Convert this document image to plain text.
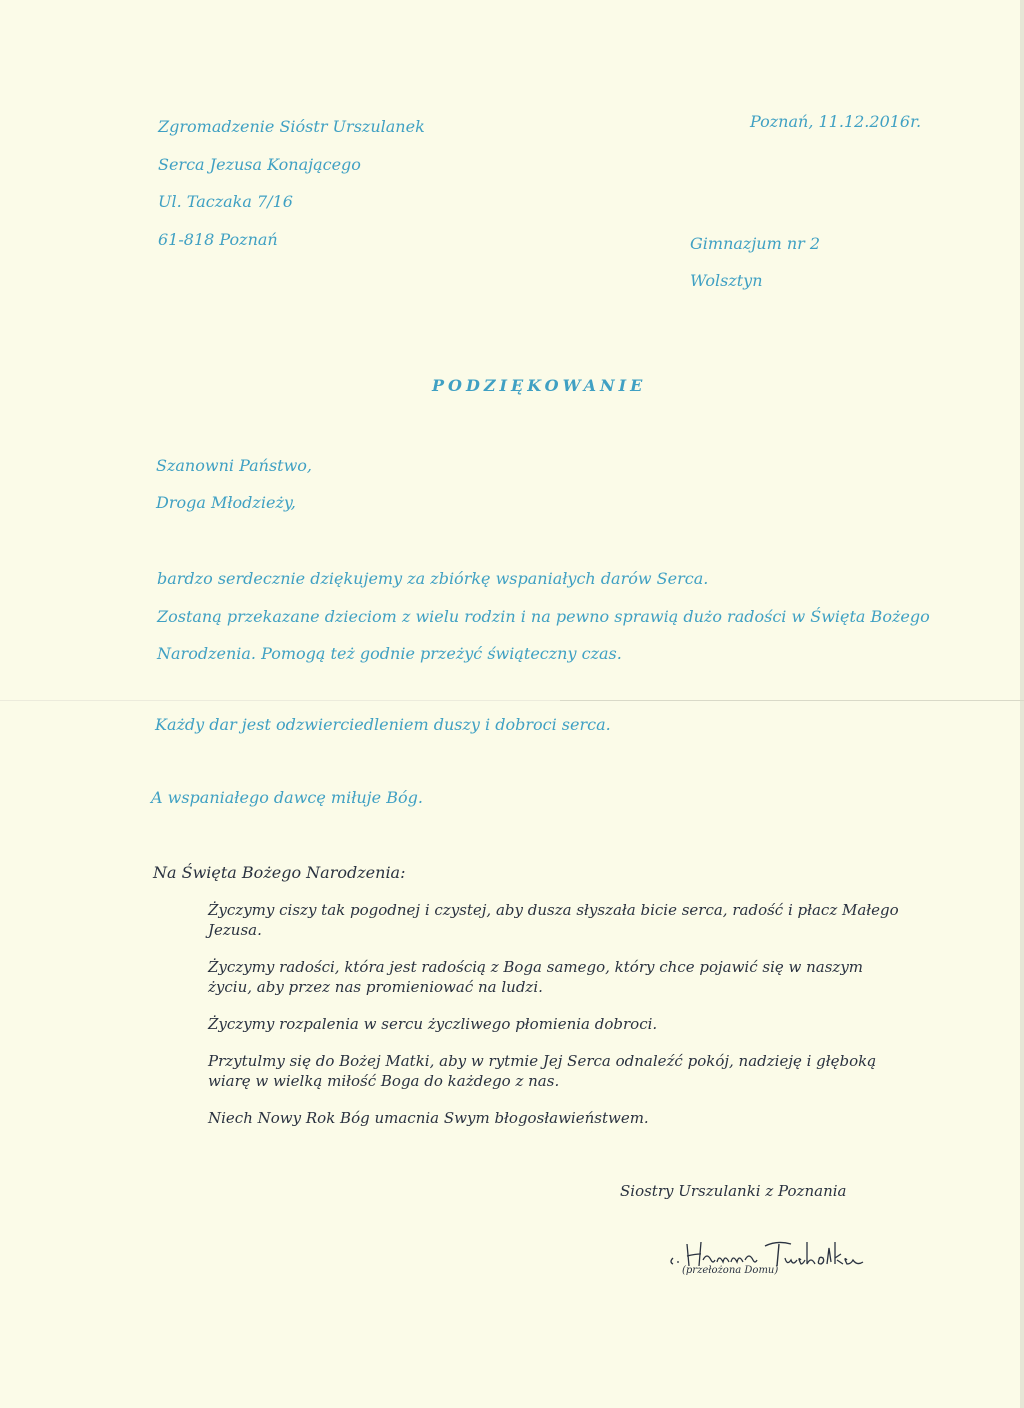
Zgromadzenie Sióstr Urszulanek
Serca Jezusa Konającego
Ul. Taczaka 7/16
61-818 Poznań
Poznań, 11.12.2016r.
Gimnazjum nr 2
Wolsztyn
PODZIĘKOWANIE
Szanowni Państwo,
Droga Młodzieży,
bardzo serdecznie dziękujemy za zbiórkę wspaniałych darów Serca.
Zostaną przekazane dzieciom z wielu rodzin i na pewno sprawią dużo radości w Święta Bożego
Narodzenia. Pomogą też godnie przeżyć świąteczny czas.
Każdy dar jest odzwierciedleniem duszy i dobroci serca.
A wspaniałego dawcę miłuje Bóg.
Na Święta Bożego Narodzenia:

Życzymy ciszy tak pogodnej i czystej, aby dusza słyszała bicie serca, radość i płacz Małego Jezusa.

Życzymy radości, która jest radością z Boga samego, który chce pojawić się w naszym życiu, aby przez nas promieniować na ludzi.

Życzymy rozpalenia w sercu życzliwego płomienia dobroci.

Przytulmy się do Bożej Matki, aby w rytmie Jej Serca odnaleźć pokój, nadzieję i głęboką wiarę w wielką miłość Boga do każdego z nas.

Niech Nowy Rok Bóg umacnia Swym błogosławieństwem.

Siostry Urszulanki z Poznania
(przełożona Domu)
